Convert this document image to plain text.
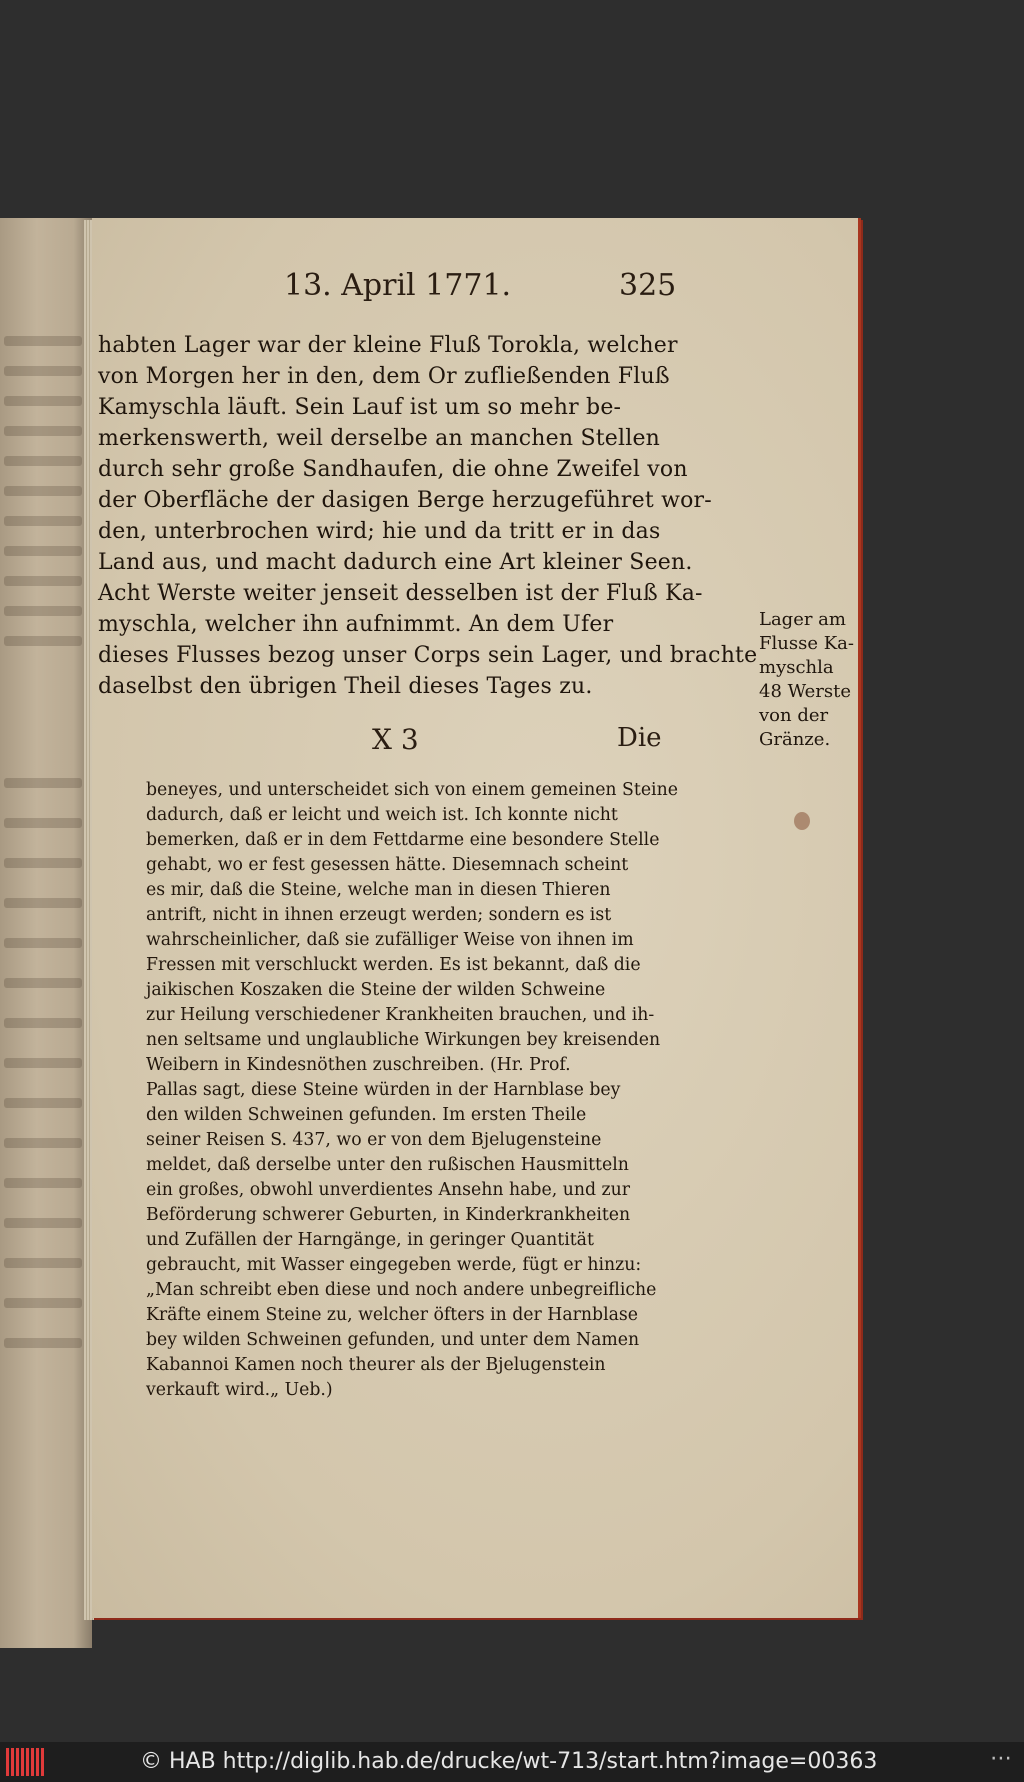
13. April 1771.	325
habten Lager war der kleine Fluß Torokla, welcher
von Morgen her in den, dem Or zufließenden Fluß
Kamyschla läuft. Sein Lauf ist um so mehr be-
merkenswerth, weil derselbe an manchen Stellen
durch sehr große Sandhaufen, die ohne Zweifel von
der Oberfläche der dasigen Berge herzugeführet wor-
den, unterbrochen wird; hie und da tritt er in das
Land aus, und macht dadurch eine Art kleiner Seen.
Acht Werste weiter jenseit desselben ist der Fluß Ka-
myschla, welcher ihn aufnimmt. An dem Ufer
dieses Flusses bezog unser Corps sein Lager, und brachte
daselbst den übrigen Theil dieses Tages zu.
Lager am
Flusse Ka-
myschla
48 Werste
von der
Gränze.
X 3	Die
beneyes, und unterscheidet sich von einem gemeinen Steine
dadurch, daß er leicht und weich ist. Ich konnte nicht
bemerken, daß er in dem Fettdarme eine besondere Stelle
gehabt, wo er fest gesessen hätte. Diesemnach scheint
es mir, daß die Steine, welche man in diesen Thieren
antrift, nicht in ihnen erzeugt werden; sondern es ist
wahrscheinlicher, daß sie zufälliger Weise von ihnen im
Fressen mit verschluckt werden. Es ist bekannt, daß die
jaikischen Koszaken die Steine der wilden Schweine
zur Heilung verschiedener Krankheiten brauchen, und ih-
nen seltsame und unglaubliche Wirkungen bey kreisenden
Weibern in Kindesnöthen zuschreiben. (Hr. Prof.
Pallas sagt, diese Steine würden in der Harnblase bey
den wilden Schweinen gefunden. Im ersten Theile
seiner Reisen S. 437, wo er von dem Bjelugensteine
meldet, daß derselbe unter den rußischen Hausmitteln
ein großes, obwohl unverdientes Ansehn habe, und zur
Beförderung schwerer Geburten, in Kinderkrankheiten
und Zufällen der Harngänge, in geringer Quantität
gebraucht, mit Wasser eingegeben werde, fügt er hinzu:
„Man schreibt eben diese und noch andere unbegreifliche
Kräfte einem Steine zu, welcher öfters in der Harnblase
bey wilden Schweinen gefunden, und unter dem Namen
Kabannoi Kamen noch theurer als der Bjelugenstein
verkauft wird.„ Ueb.)
© HAB http://diglib.hab.de/drucke/wt-713/start.htm?image=00363	⋯
